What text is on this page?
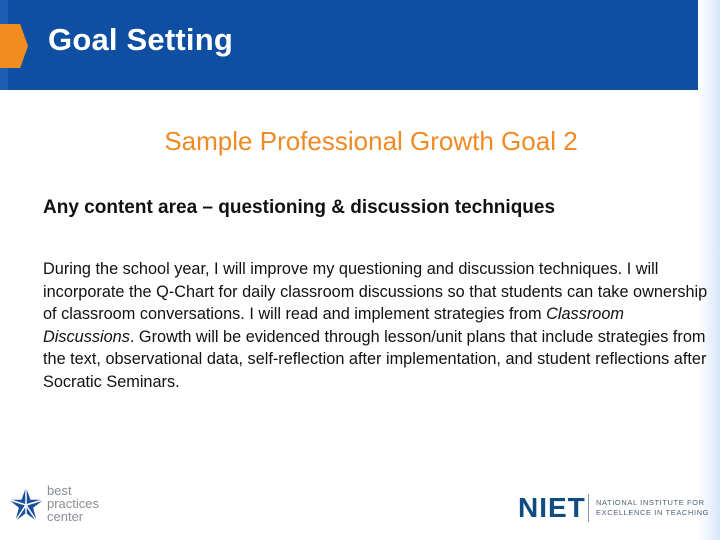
Goal Setting
Sample Professional Growth Goal 2
Any content area – questioning & discussion techniques
During the school year, I will improve my questioning and discussion techniques. I will incorporate the Q-Chart for daily classroom discussions so that students can take ownership of classroom conversations. I will read and implement strategies from Classroom Discussions. Growth will be evidenced through lesson/unit plans that include strategies from the text, observational data, self-reflection after implementation, and student reflections after Socratic Seminars.
best
practices
center	NIET NATIONAL INSTITUTE FOR
EXCELLENCE IN TEACHING
